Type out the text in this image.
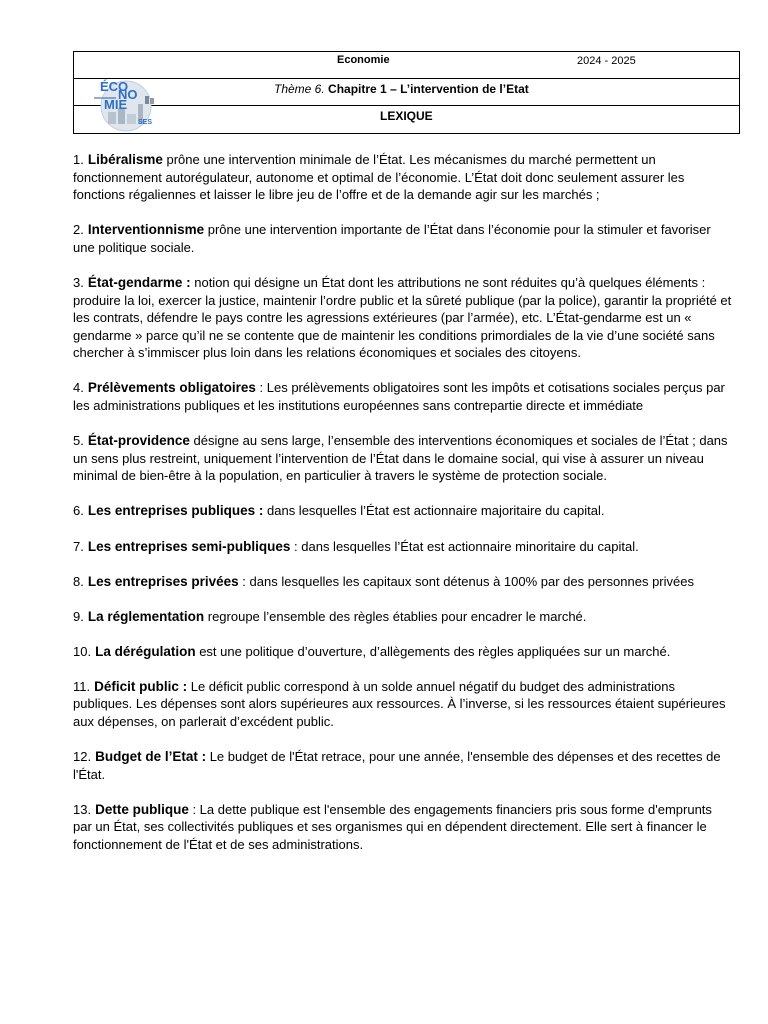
Economie	2024 - 2025
Thème 6. Chapitre 1 – L’intervention de l’Etat
LEXIQUE
ÉCO
NO
MIE
SES

1. Libéralisme prône une intervention minimale de l’État. Les mécanismes du marché permettent un fonctionnement autorégulateur, autonome et optimal de l’économie. L’État doit donc seulement assurer les fonctions régaliennes et laisser le libre jeu de l’offre et de la demande agir sur les marchés ;

2. Interventionnisme prône une intervention importante de l’État dans l’économie pour la stimuler et favoriser une politique sociale.

3. État-gendarme : notion qui désigne un État dont les attributions ne sont réduites qu’à quelques éléments : produire la loi, exercer la justice, maintenir l’ordre public et la sûreté publique (par la police), garantir la propriété et les contrats, défendre le pays contre les agressions extérieures (par l’armée), etc. L’État-gendarme est un « gendarme » parce qu’il ne se contente que de maintenir les conditions primordiales de la vie d’une société sans chercher à s’immiscer plus loin dans les relations économiques et sociales des citoyens.

4. Prélèvements obligatoires : Les prélèvements obligatoires sont les impôts et cotisations sociales perçus par les administrations publiques et les institutions européennes sans contrepartie directe et immédiate

5. État-providence désigne au sens large, l’ensemble des interventions économiques et sociales de l’État ; dans un sens plus restreint, uniquement l’intervention de l’État dans le domaine social, qui vise à assurer un niveau minimal de bien-être à la population, en particulier à travers le système de protection sociale.

6. Les entreprises publiques : dans lesquelles l’État est actionnaire majoritaire du capital.

7. Les entreprises semi-publiques : dans lesquelles l’État est actionnaire minoritaire du capital.

8. Les entreprises privées : dans lesquelles les capitaux sont détenus à 100% par des personnes privées

9. La réglementation regroupe l’ensemble des règles établies pour encadrer le marché.

10. La dérégulation est une politique d’ouverture, d’allègements des règles appliquées sur un marché.

11. Déficit public : Le déficit public correspond à un solde annuel négatif du budget des administrations publiques. Les dépenses sont alors supérieures aux ressources. À l’inverse, si les ressources étaient supérieures aux dépenses, on parlerait d’excédent public.

12. Budget de l’Etat : Le budget de l'État retrace, pour une année, l'ensemble des dépenses et des recettes de l'État.

13. Dette publique : La dette publique est l'ensemble des engagements financiers pris sous forme d'emprunts par un État, ses collectivités publiques et ses organismes qui en dépendent directement. Elle sert à financer le fonctionnement de l'État et de ses administrations.
